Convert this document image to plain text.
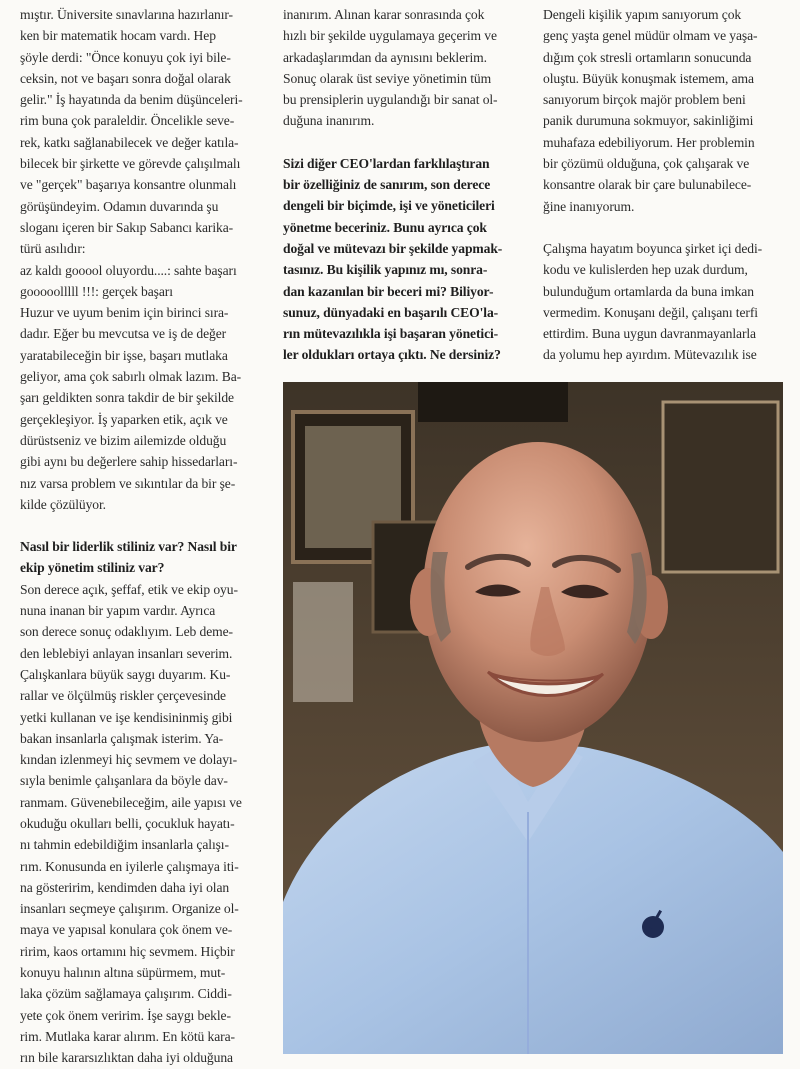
mıştır. Üniversite sınavlarına hazırlanır-
ken bir matematik hocam vardı. Hep
şöyle derdi: "Önce konuyu çok iyi bile-
ceksin, not ve başarı sonra doğal olarak
gelir." İş hayatında da benim düşünceleri-
rim buna çok paraleldir. Öncelikle seve-
rek, katkı sağlanabilecek ve değer katıla-
bilecek bir şirkette ve görevde çalışılmalı
ve "gerçek" başarıya konsantre olunmalı
görüşündeyim. Odamın duvarında şu
sloganı içeren bir Sakıp Sabancı karika-
türü asılıdır:
az kaldı gooool oluyordu....: sahte başarı
gooooolllll !!!: gerçek başarı
Huzur ve uyum benim için birinci sıra-
dadır. Eğer bu mevcutsa ve iş de değer
yaratabileceğin bir işse, başarı mutlaka
geliyor, ama çok sabırlı olmak lazım. Ba-
şarı geldikten sonra takdir de bir şekilde
gerçekleşiyor. İş yaparken etik, açık ve
dürüstseniz ve bizim ailemizde olduğu
gibi aynı bu değerlere sahip hissedarları-
nız varsa problem ve sıkıntılar da bir şe-
kilde çözülüyor.
Nasıl bir liderlik stiliniz var? Nasıl bir
ekip yönetim stiliniz var?
Son derece açık, şeffaf, etik ve ekip oyu-
nuna inanan bir yapım vardır. Ayrıca
son derece sonuç odaklıyım. Leb deme-
den leblebiyi anlayan insanları severim.
Çalışkanlara büyük saygı duyarım. Ku-
rallar ve ölçülmüş riskler çerçevesinde
yetki kullanan ve işe kendisininmiş gibi
bakan insanlarla çalışmak isterim. Ya-
kından izlenmeyi hiç sevmem ve dolayı-
sıyla benimle çalışanlara da böyle dav-
ranmam. Güvenebileceğim, aile yapısı ve
okuduğu okulları belli, çocukluk hayatı-
nı tahmin edebildiğim insanlarla çalışı-
rım. Konusunda en iyilerle çalışmaya iti-
na gösteririm, kendimden daha iyi olan
insanları seçmeye çalışırım. Organize ol-
maya ve yapısal konulara çok önem ve-
ririm, kaos ortamını hiç sevmem. Hiçbir
konuyu halının altına süpürmem, mut-
laka çözüm sağlamaya çalışırım. Ciddi-
yete çok önem veririm. İşe saygı bekle-
rim. Mutlaka karar alırım. En kötü kara-
rın bile kararsızlıktan daha iyi olduğuna
inanırım. Alınan karar sonrasında çok
hızlı bir şekilde uygulamaya geçerim ve
arkadaşlarımdan da aynısını beklerim.
Sonuç olarak üst seviye yönetimin tüm
bu prensiplerin uygulandığı bir sanat ol-
duğuna inanırım.
Sizi diğer CEO'lardan farklılaştıran
bir özelliğiniz de sanırım, son derece
dengeli bir biçimde, işi ve yöneticileri
yönetme beceriniz. Bunu ayrıca çok
doğal ve mütevazı bir şekilde yapmak-
tasınız. Bu kişilik yapınız mı, sonra-
dan kazanılan bir beceri mi? Biliyor-
sunuz, dünyadaki en başarılı CEO'la-
rın mütevazılıkla işi başaran yönetici-
ler oldukları ortaya çıktı. Ne dersiniz?
Dengeli kişilik yapım sanıyorum çok
genç yaşta genel müdür olmam ve yaşa-
dığım çok stresli ortamların sonucunda
oluştu. Büyük konuşmak istemem, ama
sanıyorum birçok majör problem beni
panik durumuna sokmuyor, sakinliğimi
muhafaza edebiliyorum. Her problemin
bir çözümü olduğuna, çok çalışarak ve
konsantre olarak bir çare bulunabilece-
ğine inanıyorum.
Çalışma hayatım boyunca şirket içi dedi-
kodu ve kulislerden hep uzak durdum,
bulunduğum ortamlarda da buna imkan
vermedim. Konuşanı değil, çalışanı terfi
ettirdim. Buna uygun davranmayanlarla
da yolumu hep ayırdım. Mütevazılık ise
